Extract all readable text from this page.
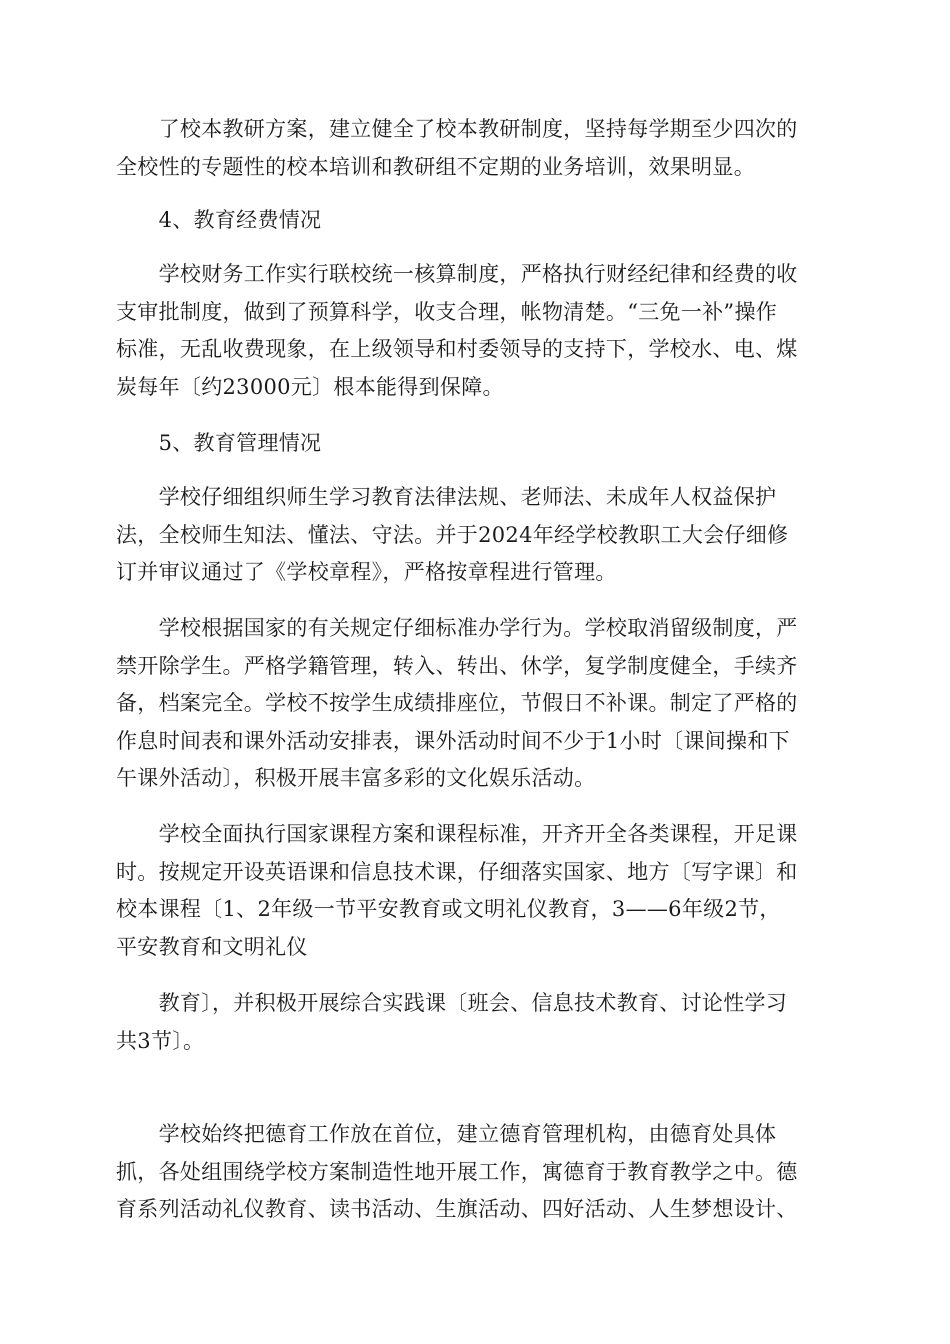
　　了校本教研方案，建立健全了校本教研制度，坚持每学期至少四次的
全校性的专题性的校本培训和教研组不定期的业务培训，效果明显。

　　4、教育经费情况

　　学校财务工作实行联校统一核算制度，严格执行财经纪律和经费的收
支审批制度，做到了预算科学，收支合理，帐物清楚。“三免一补”操作
标准，无乱收费现象，在上级领导和村委领导的支持下，学校水、电、煤
炭每年〔约23000元〕根本能得到保障。

　　5、教育管理情况

　　学校仔细组织师生学习教育法律法规、老师法、未成年人权益保护
法，全校师生知法、懂法、守法。并于2024年经学校教职工大会仔细修
订并审议通过了《学校章程》，严格按章程进行管理。

　　学校根据国家的有关规定仔细标准办学行为。学校取消留级制度，严
禁开除学生。严格学籍管理，转入、转出、休学，复学制度健全，手续齐
备，档案完全。学校不按学生成绩排座位，节假日不补课。制定了严格的
作息时间表和课外活动安排表，课外活动时间不少于1小时〔课间操和下
午课外活动〕，积极开展丰富多彩的文化娱乐活动。

　　学校全面执行国家课程方案和课程标准，开齐开全各类课程，开足课
时。按规定开设英语课和信息技术课，仔细落实国家、地方〔写字课〕和
校本课程〔1、2年级一节平安教育或文明礼仪教育，3——6年级2节，
平安教育和文明礼仪

　　教育〕，并积极开展综合实践课〔班会、信息技术教育、讨论性学习
共3节〕。

　　学校始终把德育工作放在首位，建立德育管理机构，由德育处具体
抓，各处组围绕学校方案制造性地开展工作，寓德育于教育教学之中。德
育系列活动礼仪教育、读书活动、生旗活动、四好活动、人生梦想设计、
